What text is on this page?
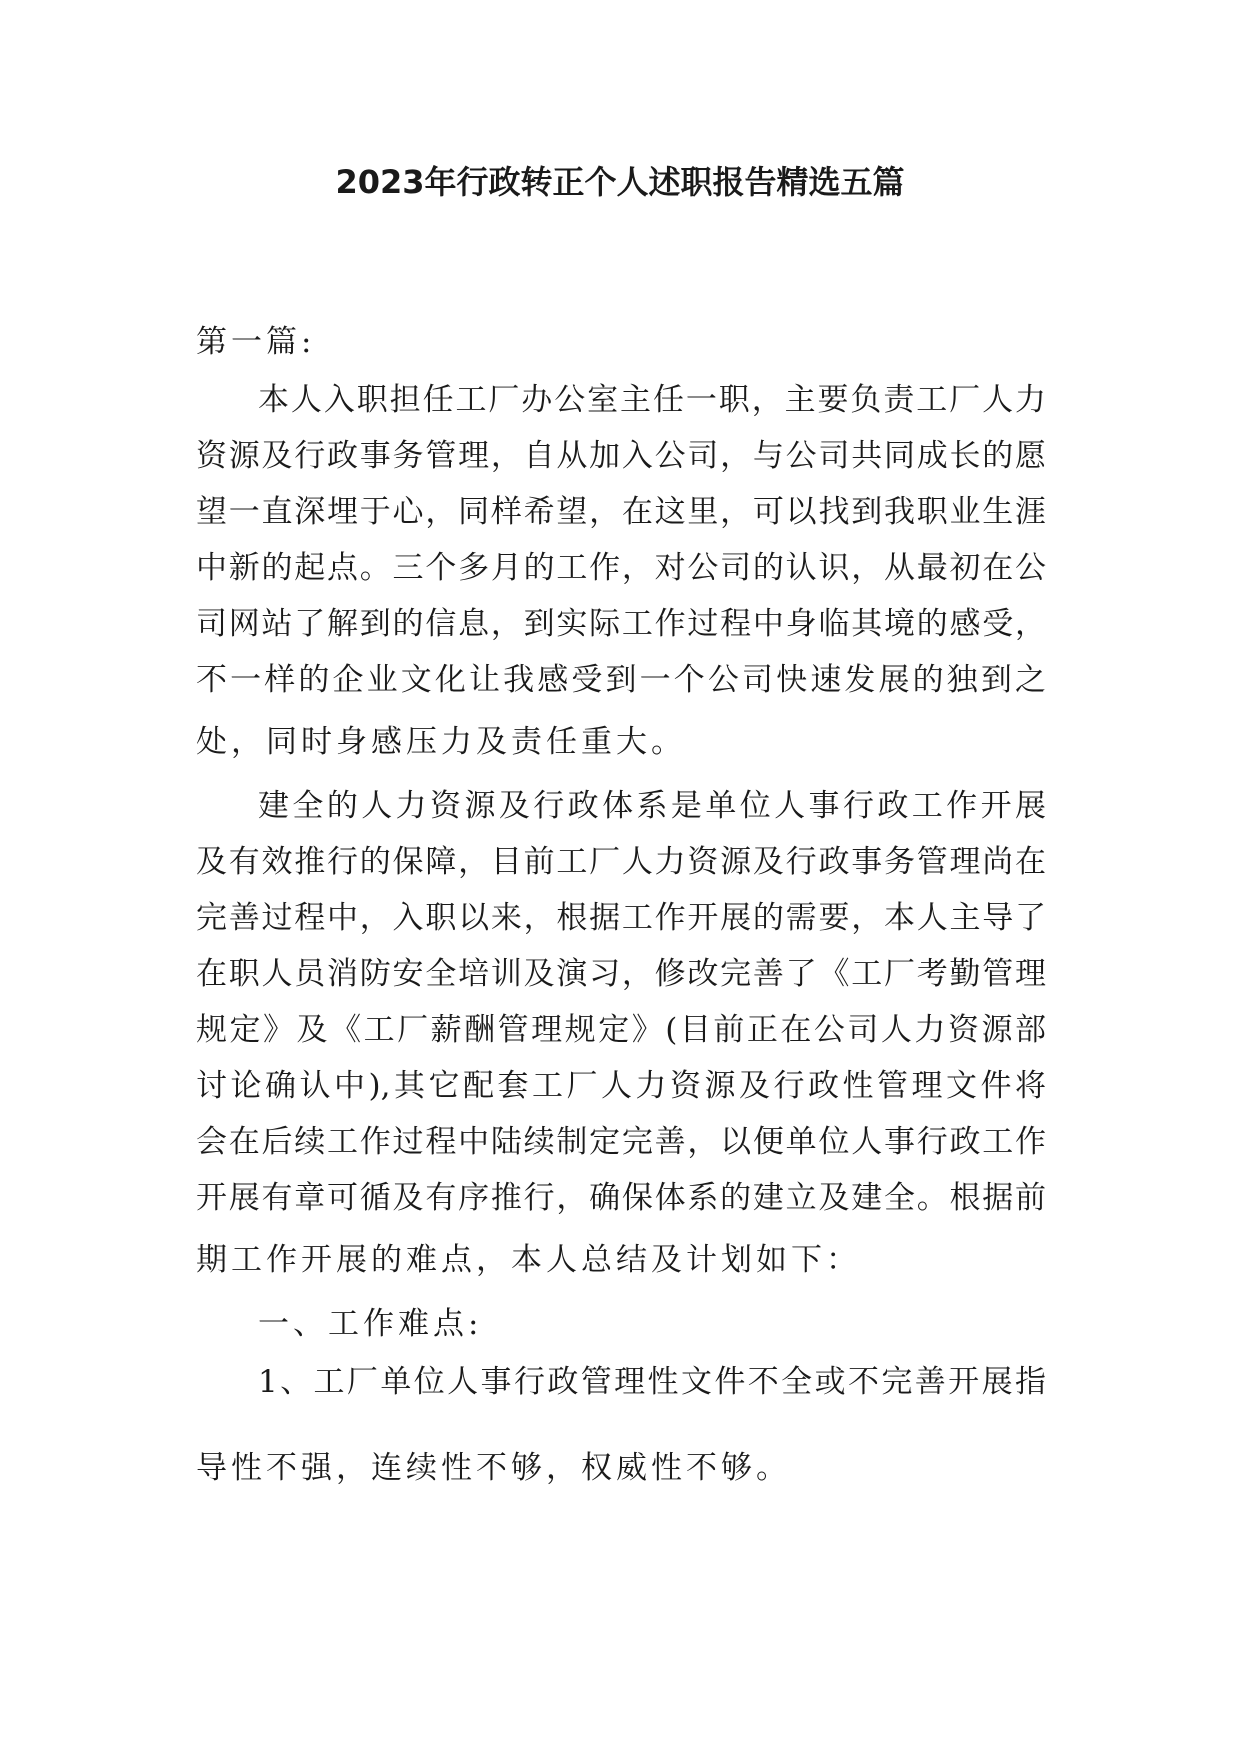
2023年行政转正个人述职报告精选五篇
第一篇:
本人入职担任工厂办公室主任一职，主要负责工厂人力
资源及行政事务管理，自从加入公司，与公司共同成长的愿
望一直深埋于心，同样希望，在这里，可以找到我职业生涯
中新的起点。三个多月的工作，对公司的认识，从最初在公
司网站了解到的信息，到实际工作过程中身临其境的感受，
不一样的企业文化让我感受到一个公司快速发展的独到之
处，同时身感压力及责任重大。
建全的人力资源及行政体系是单位人事行政工作开展
及有效推行的保障，目前工厂人力资源及行政事务管理尚在
完善过程中，入职以来，根据工作开展的需要，本人主导了
在职人员消防安全培训及演习，修改完善了《工厂考勤管理
规定》及《工厂薪酬管理规定》(目前正在公司人力资源部
讨论确认中),其它配套工厂人力资源及行政性管理文件将
会在后续工作过程中陆续制定完善，以便单位人事行政工作
开展有章可循及有序推行，确保体系的建立及建全。根据前
期工作开展的难点，本人总结及计划如下：
一、工作难点:
1、工厂单位人事行政管理性文件不全或不完善开展指
导性不强，连续性不够，权威性不够。
